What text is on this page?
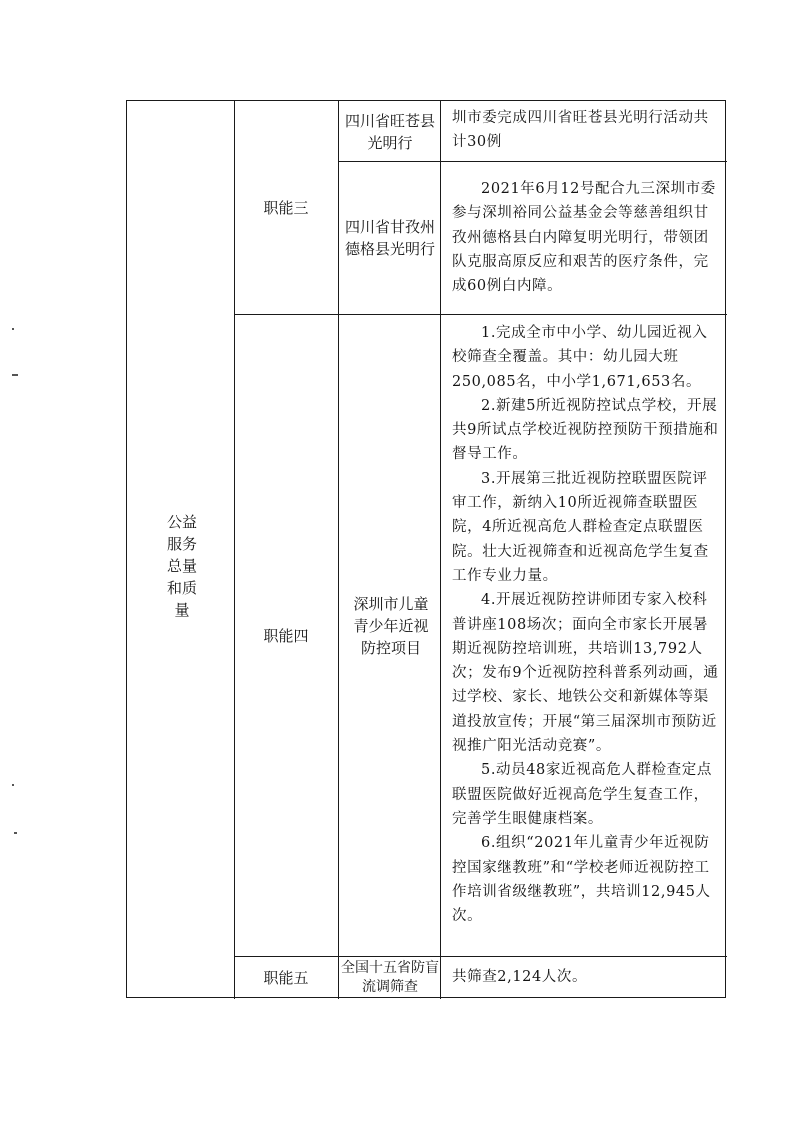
公益服务总量和质量
职能三
四川省旺苍县光明行

圳市委完成四川省旺苍县光明行活动共计30例

四川省甘孜州德格县光明行

2021年6月12号配合九三深圳市委参与深圳裕同公益基金会等慈善组织甘孜州德格县白内障复明光明行，带领团队克服高原反应和艰苦的医疗条件，完成60例白内障。

职能四
深圳市儿童青少年近视防控项目

1.完成全市中小学、幼儿园近视入校筛查全覆盖。其中：幼儿园大班250,085名，中小学1,671,653名。

2.新建5所近视防控试点学校，开展共9所试点学校近视防控预防干预措施和督导工作。

3.开展第三批近视防控联盟医院评审工作，新纳入10所近视筛查联盟医院，4所近视高危人群检查定点联盟医院。壮大近视筛查和近视高危学生复查工作专业力量。

4.开展近视防控讲师团专家入校科普讲座108场次；面向全市家长开展暑期近视防控培训班，共培训13,792人次；发布9个近视防控科普系列动画，通过学校、家长、地铁公交和新媒体等渠道投放宣传；开展“第三届深圳市预防近视推广阳光活动竞赛”。

5.动员48家近视高危人群检查定点联盟医院做好近视高危学生复查工作，完善学生眼健康档案。

6.组织“2021年儿童青少年近视防控国家继教班”和“学校老师近视防控工作培训省级继教班”，共培训12,945人次。

职能五
全国十五省防盲流调筛查

共筛查2,124人次。
